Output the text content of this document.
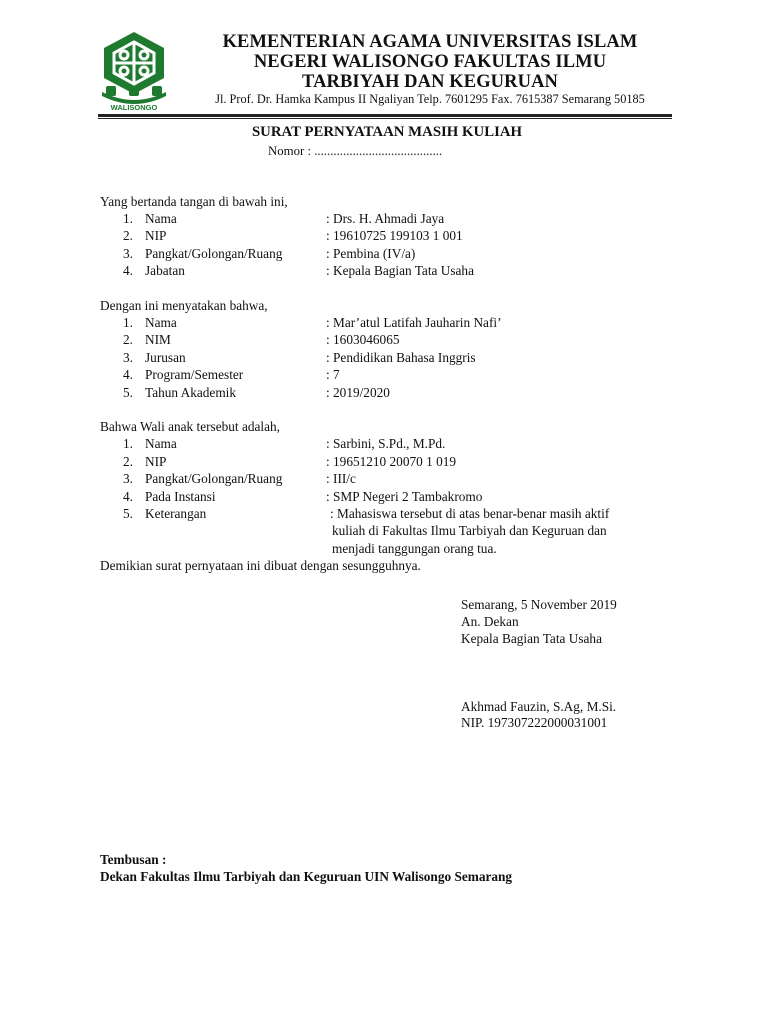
WALISONGO
KEMENTERIAN AGAMA UNIVERSITAS ISLAM
NEGERI WALISONGO FAKULTAS ILMU
TARBIYAH DAN KEGURUAN
Jl. Prof. Dr. Hamka Kampus II Ngaliyan Telp. 7601295 Fax. 7615387 Semarang 50185
SURAT PERNYATAAN MASIH KULIAH
Nomor : ........................................
Yang bertanda tangan di bawah ini,
1. Nama	: Drs. H. Ahmadi Jaya
2. NIP	: 19610725 199103 1 001
3. Pangkat/Golongan/Ruang	: Pembina (IV/a)
4. Jabatan	: Kepala Bagian Tata Usaha
Dengan ini menyatakan bahwa,
1. Nama	: Mar’atul Latifah Jauharin Nafi’
2. NIM	: 1603046065
3. Jurusan	: Pendidikan Bahasa Inggris
4. Program/Semester	: 7
5. Tahun Akademik	: 2019/2020
Bahwa Wali anak tersebut adalah,
1. Nama	: Sarbini, S.Pd., M.Pd.
2. NIP	: 19651210 20070 1 019
3. Pangkat/Golongan/Ruang	: III/c
4. Pada Instansi	: SMP Negeri 2 Tambakromo
5. Keterangan	: Mahasiswa tersebut di atas benar-benar masih aktif
kuliah di Fakultas Ilmu Tarbiyah dan Keguruan dan
menjadi tanggungan orang tua.
Demikian surat pernyataan ini dibuat dengan sesungguhnya.
Semarang, 5 November 2019
An. Dekan
Kepala Bagian Tata Usaha
Akhmad Fauzin, S.Ag, M.Si.
NIP. 197307222000031001
Tembusan :
Dekan Fakultas Ilmu Tarbiyah dan Keguruan UIN Walisongo Semarang
